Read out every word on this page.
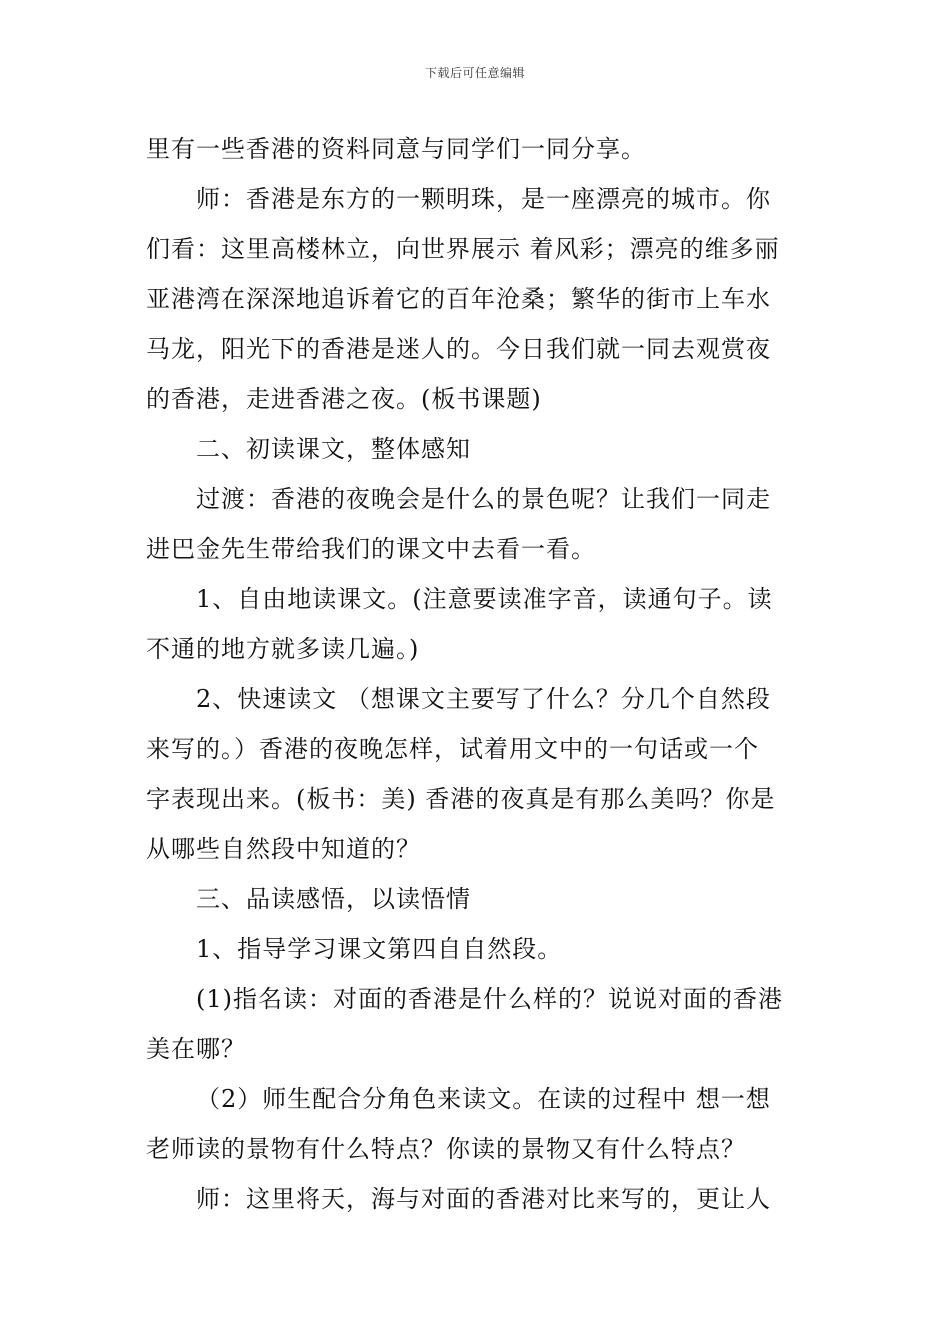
下载后可任意编辑

里有一些香港的资料同意与同学们一同分享。

师：香港是东方的一颗明珠，是一座漂亮的城市。你

们看：这里高楼林立，向世界展示 着风彩；漂亮的维多丽

亚港湾在深深地追诉着它的百年沧桑；繁华的街市上车水

马龙，阳光下的香港是迷人的。今日我们就一同去观赏夜

的香港，走进香港之夜。(板书课题)

二、初读课文，整体感知

过渡：香港的夜晚会是什么的景色呢？让我们一同走

进巴金先生带给我们的课文中去看一看。

1、自由地读课文。(注意要读准字音，读通句子。读

不通的地方就多读几遍。)

2、快速读文 （想课文主要写了什么？分几个自然段

来写的。）香港的夜晚怎样，试着用文中的一句话或一个

字表现出来。(板书：美) 香港的夜真是有那么美吗？你是

从哪些自然段中知道的？

三、品读感悟，以读悟情

1、指导学习课文第四自自然段。

(1)指名读：对面的香港是什么样的？说说对面的香港

美在哪？

（2）师生配合分角色来读文。在读的过程中 想一想

老师读的景物有什么特点？你读的景物又有什么特点？

师：这里将天，海与对面的香港对比来写的，更让人
